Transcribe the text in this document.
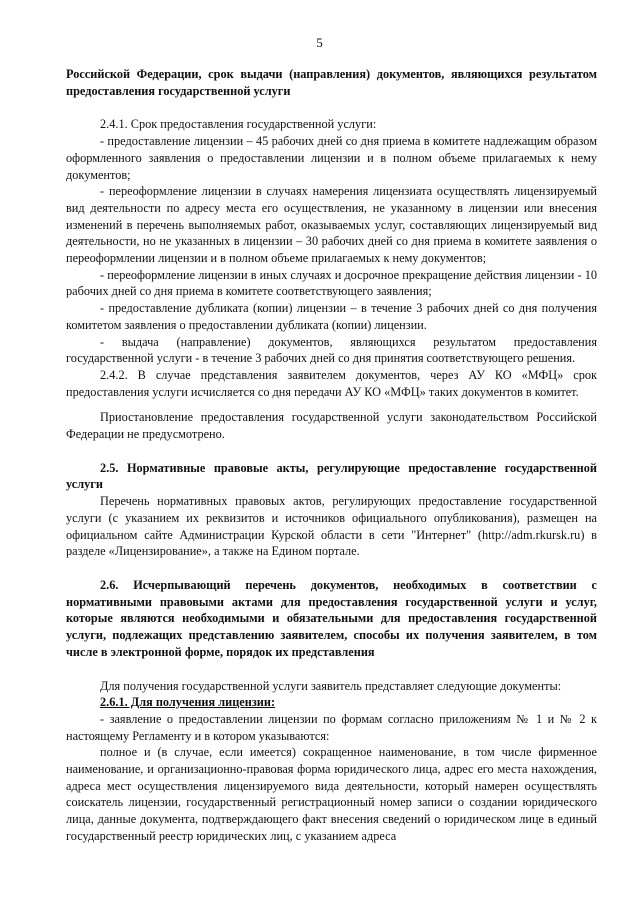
5

Российской Федерации, срок выдачи (направления) документов, являющихся результатом предоставления государственной услуги

2.4.1. Срок предоставления государственной услуги:

- предоставление лицензии – 45 рабочих дней со дня приема в комитете надлежащим образом оформленного заявления о предоставлении лицензии и в полном объеме прилагаемых к нему документов;

- переоформление лицензии в случаях намерения лицензиата осуществлять лицензируемый вид деятельности по адресу места его осуществления, не указанному в лицензии или внесения изменений в перечень выполняемых работ, оказываемых услуг, составляющих лицензируемый вид деятельности, но не указанных в лицензии – 30 рабочих дней со дня приема в комитете заявления о переоформлении лицензии и в полном объеме прилагаемых к нему документов;

- переоформление лицензии в иных случаях и досрочное прекращение действия лицензии - 10 рабочих дней со дня приема в комитете соответствующего заявления;

- предоставление дубликата (копии) лицензии – в течение 3 рабочих дней со дня получения комитетом заявления о предоставлении дубликата (копии) лицензии.

- выдача (направление) документов, являющихся результатом предоставления государственной услуги - в течение 3 рабочих дней со дня принятия соответствующего решения.

2.4.2. В случае представления заявителем документов, через АУ КО «МФЦ» срок предоставления услуги исчисляется со дня передачи АУ КО «МФЦ» таких документов в комитет.

Приостановление предоставления государственной услуги законодательством Российской Федерации не предусмотрено.

2.5. Нормативные правовые акты, регулирующие предоставление государственной услуги

Перечень нормативных правовых актов, регулирующих предоставление государственной услуги (с указанием их реквизитов и источников официального опубликования), размещен на официальном сайте Администрации Курской области в сети "Интернет" (http://adm.rkursk.ru) в разделе «Лицензирование», а также на Едином портале.

2.6. Исчерпывающий перечень документов, необходимых в соответствии с нормативными правовыми актами для предоставления государственной услуги и услуг, которые являются необходимыми и обязательными для предоставления государственной услуги, подлежащих представлению заявителем, способы их получения заявителем, в том числе в электронной форме, порядок их представления

Для получения государственной услуги заявитель представляет следующие документы:

2.6.1. Для получения лицензии:

- заявление о предоставлении лицензии по формам согласно приложениям № 1 и № 2 к настоящему Регламенту и в котором указываются:

полное и (в случае, если имеется) сокращенное наименование, в том числе фирменное наименование, и организационно-правовая форма юридического лица, адрес его места нахождения, адреса мест осуществления лицензируемого вида деятельности, который намерен осуществлять соискатель лицензии, государственный регистрационный номер записи о создании юридического лица, данные документа, подтверждающего факт внесения сведений о юридическом лице в единый государственный реестр юридических лиц, с указанием адреса
